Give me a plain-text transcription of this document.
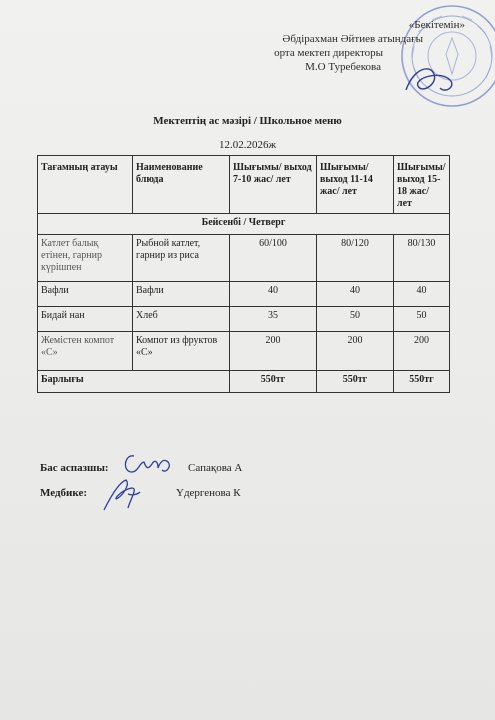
«Бекітемін»
Әбдірахман Әйтиев атындағы
орта мектеп директоры
М.О Туребекова
Мектептің ас мәзірі / Школьное меню
12.02.2026ж
Тағамның атауы	Наименование блюда	Шығымы/ выход 7-10 жас/ лет	Шығымы/ выход 11-14 жас/ лет	Шығымы/ выход 15-18 жас/ лет
Бейсенбі / Четверг				
Катлет балық етінен, гарнир күрішпен	Рыбной катлет, гарнир из риса	60/100	80/120	80/130
Вафли	Вафли	40	40	40
Бидай нан	Хлеб	35	50	50
Жемістен компот «С»	Компот из фруктов «С»	200	200	200
Барлығы		550тг	550тг	550тг
Бас аспазшы:	Сапақова А
Медбике:	Үдергенова К
